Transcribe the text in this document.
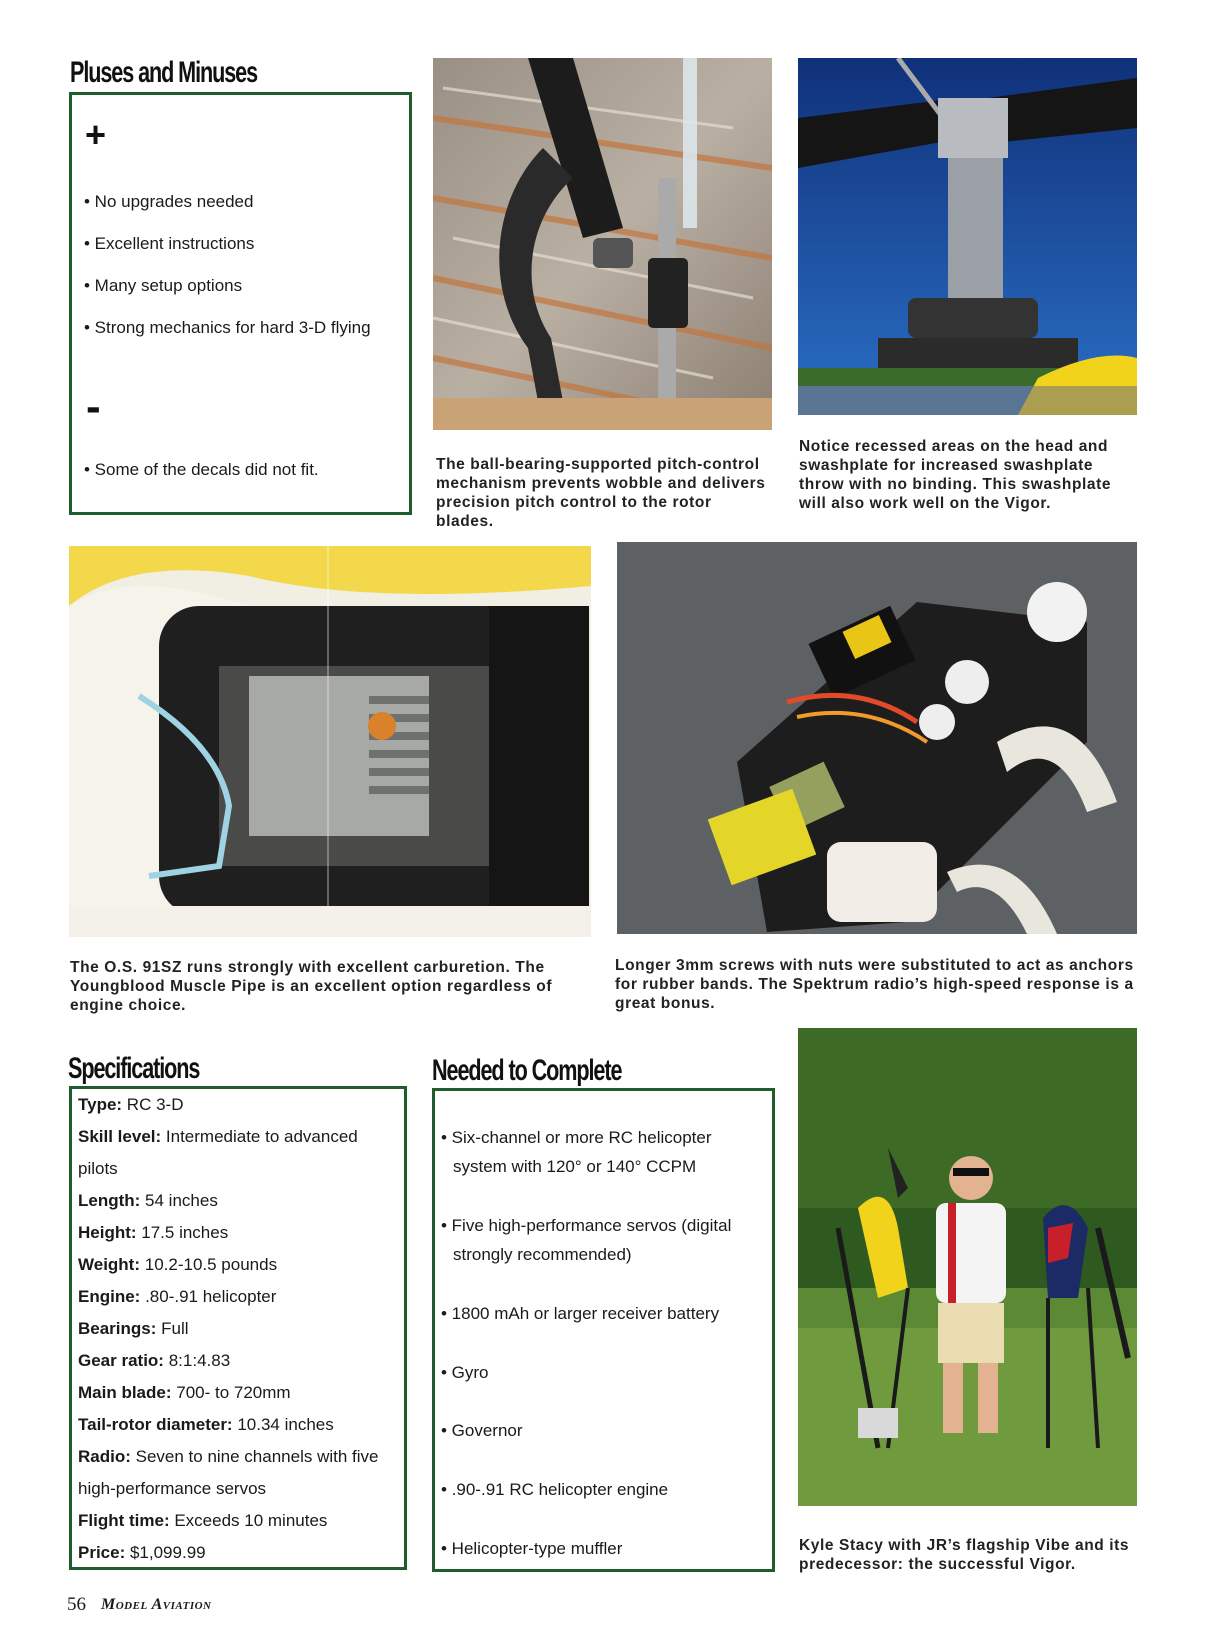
Pluses and Minuses
+
• No upgrades needed
• Excellent instructions
• Many setup options
• Strong mechanics for hard 3-D flying
-
• Some of the decals did not fit.	The ball-bearing-supported pitch-control mechanism prevents wobble and delivers precision pitch control to the rotor blades.
Notice recessed areas on the head and swashplate for increased swashplate throw with no binding. This swashplate will also work well on the Vigor.
The O.S. 91SZ runs strongly with excellent carburetion. The Youngblood Muscle Pipe is an excellent option regardless of engine choice.
Longer 3mm screws with nuts were substituted to act as anchors for rubber bands. The Spektrum radio’s high-speed response is a great bonus.
Specifications
Type: RC 3-D
Skill level: Intermediate to advanced
pilots
Length: 54 inches
Height: 17.5 inches
Weight: 10.2-10.5 pounds
Engine: .80-.91 helicopter
Bearings: Full
Gear ratio: 8:1:4.83
Main blade: 700- to 720mm
Tail-rotor diameter: 10.34 inches
Radio: Seven to nine channels with five
high-performance servos
Flight time: Exceeds 10 minutes
Price: $1,099.99
Needed to Complete
• Six-channel or more RC helicopter
system with 120° or 140° CCPM
• Five high-performance servos (digital
strongly recommended)
• 1800 mAh or larger receiver battery
• Gyro
• Governor
• .90-.91 RC helicopter engine
• Helicopter-type muffler	Kyle Stacy with JR’s flagship Vibe and its predecessor: the successful Vigor.
56 Model Aviation
